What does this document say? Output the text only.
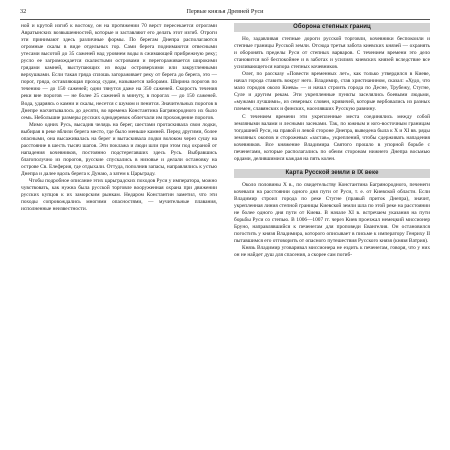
32	Первые князья Древней Руси

ной и крутой изгиб к востоку, он на протяжении 70 верст пересекается отрогами Авратынских возвышенностей, которые и заставляют его делать этот изгиб. Отроги эти принимают здесь различные формы. По берегам Днепра располагаются огромные скалы в виде отдельных гор. Сами берега поднимаются отвесными утесами высотой до 35 саженей над уровнем воды в сжимающей прибрежную реку; русло ее загромождается скалистыми островами и перегораживается широкими грядами камней, выступающих из воды островерхими или закругленными верхушками. Если такая гряда сплошь загораживает реку от берега до берега, это — порог, гряда, оставляющая проход судам, называется заборами. Ширина порогов по течению — до 150 саженей; одни тянутся даже на 350 саженей. Скорость течения реки вне порогов — не более 25 саженей в минуту, в порогах — до 150 саженей. Вода, ударяясь о камни и скалы, несется с шумом и пенится. Значительных порогов в Днепре насчитывалось до десяти, во времена Константина Багрянородного их было семь. Небольшие размеры русских однодеревок облегчали им прохождение порогов.

Мимо одних Русь, высадив челядь на берег, шестами протаскивала свои лодки, выбирая в реке вблизи берега место, где было меньше камней. Перед другими, более опасными, она высаживалась на берег и вытаскивала лодки волоком через сушу на расстояние в шесть тысяч шагов. Эти поклажа и люди шли при этом под охраной от нападения кочевников, постоянно подстерегавших здесь Русь. Выбравшись благополучно из порогов, русские спускались в низовье и делали остановку на острове Св. Елеферия, где отдыхали. Оттуда, пополнив запасы, направлялись к устью Днепра и далее вдоль берега к Дунаю, а затем к Царьграду.

Чтобы подробное описание этих царьградских походов Руси у императора, можно чувствовать, как нужна была русской торговле вооруженная охрана при движении русских купцов к их заморским рынкам. Недаром Константин заметил, что эти походы сопровождались многими опасностями, — мучительные плавания, исполненные неизвестности.

Оборона степных границ

Но, задавливая степные дороги русской торговли, кочевники беспокоили и степные границы Русской земли. Отсюда третья забота киевских князей — охранять и оборонять пределы Руси от степных варваров. С течением времени это дело становится всё беспокойнее и в заботах и усилиях киевских князей вследствие все усиливающегося напора степных кочевников.

Олег, по рассказу «Повести временных лет», как только утвердился в Киеве, начал города ставить вокруг него. Владимир, став христианином, сказал: «Худо, что мало городов около Киева» — и начал строить города по Десне, Трубежу, Стугне, Суле и другим рекам. Эти укрепленные пункты заселялись боевыми людьми, «мужами лучшими», из северных словен, кривичей, которые вербовались из разных племен, славянских и финских, населявших Русскую равнину.

С течением времени эти укрепленные места соединялись между собой земляными валами и лесными засеками. Так, по южным и юго-восточным границам тогдашней Руси, на правой и левой стороне Днепра, выведена была к X и XI вв. ряды земляных окопов и сторожевых «застав», укреплений, чтобы сдерживать нападения кочевников. Все княжение Владимира Святого прошло в упорной борьбе с печенегами, которые располагались по обеим сторонам нижнего Днепра восьмью ордами, делившимися каждая на пять колен.

Карта Русской земли в IX веке

Около половины X в., по свидетельству Константина Багрянородного, печенеги кочевали на расстоянии одного дня пути от Руси, т. е. от Киевской области. Если Владимир строил города по реке Стугне (правый приток Днепра), значит, укрепленная линия степной границы Киевской земли шла по этой реке на расстоянии не более одного дня пути от Киева. В начале XI в. встречаем указания на пути борьбы Руси со степью. В 1006—1007 гг. через Киев проезжал немецкий миссионер Бруно, направлявшийся к печенегам для проповеди Евангелия. Он остановился погостить у князя Владимира, которого описывает в письме к императору Генриху II пытавшимся его отговорить от опасного путешествия Русского князя (князя Ватрия).

Князь Владимир уговаривал миссионера не ездить к печенегам, говоря, что у них он не найдет душ для спасения, а скорее сам погиб-
